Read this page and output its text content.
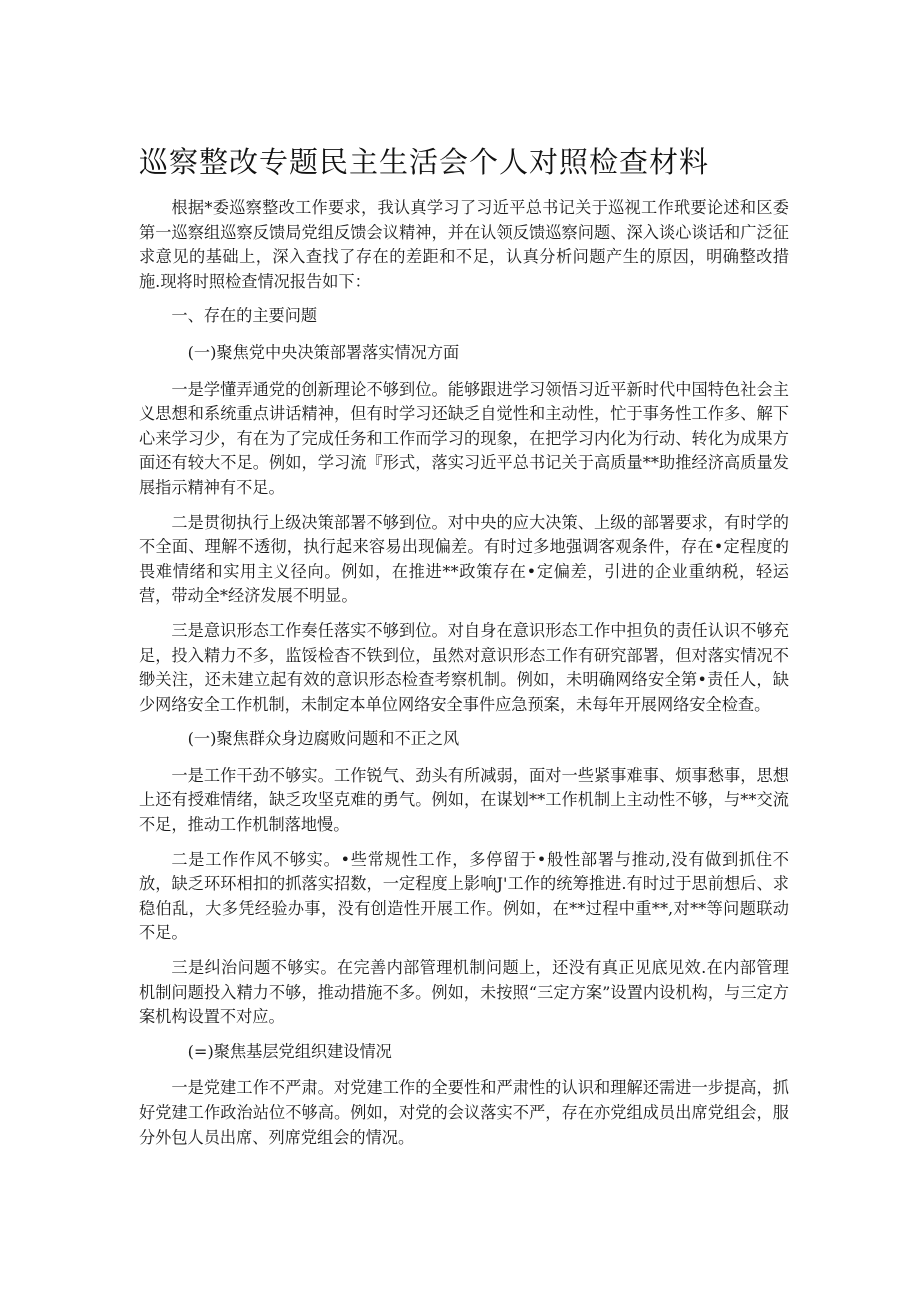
巡察整改专题民主生活会个人对照检查材料

根据*委巡察整改工作要求，我认真学习了习近平总书记关于巡视工作玳要论述和区委第一巡察组巡察反馈局党组反馈会议精神，并在认领反馈巡察问题、深入谈心谈话和广泛征求意见的基础上，深入查找了存在的差距和不足，认真分析问题产生的原因，明确整改措施.现将时照检查情况报告如下：

一、存在的主要问题

(一)聚焦党中央决策部署落实情况方面

一是学懂弄通党的创新理论不够到位。能够跟进学习领悟习近平新时代中国特色社会主义思想和系统重点讲话精神，但有时学习还缺乏自觉性和主动性，忙于事务性工作多、解下心来学习少，有在为了完成任务和工作而学习的现象，在把学习内化为行动、转化为成果方面还有较大不足。例如，学习流『形式，落实习近平总书记关于高质量**助推经济高质量发展指示精神有不足。

二是贯彻执行上级决策部署不够到位。对中央的应大决策、上级的部署要求，有时学的不全面、理解不透彻，执行起来容易出现偏差。有时过多地强调客观条件，存在•定程度的畏难情绪和实用主义径向。例如，在推进**政策存在•定偏差，引进的企业重纳税，轻运营，带动全*经济发展不明显。

三是意识形态工作奏任落实不够到位。对自身在意识形态工作中担负的责任认识不够充足，投入精力不多，监馁检杳不铁到位，虽然对意识形态工作有研究部署，但对落实情况不缈关注，还未建立起有效的意识形态检查考察机制。例如，未明确网络安全第•责任人，缺少网络安全工作机制，未制定本单位网络安全事件应急预案，未每年开展网络安全检查。

(一)聚焦群众身边腐败问题和不正之风

一是工作干劲不够实。工作锐气、劲头有所减弱，面对一些紧事难事、烦事愁事，思想上还有授难情绪，缺乏攻坚克难的勇气。例如，在谋划**工作机制上主动性不够，与**交流不足，推动工作机制落地慢。

二是工作作风不够实。•些常规性工作，多停留于•般性部署与推动,没有做到抓住不放，缺乏环环相扣的抓落实招数，一定程度上影响J'工作的统筹推进.有时过于思前想后、求稳伯乱，大多凭经验办事，没有创造性开展工作。例如，在**过程中重**,对**等问题联动不足。

三是纠治问题不够实。在完善内部管理机制问题上，还没有真正见底见效.在内部管理机制问题投入精力不够，推动措施不多。例如，未按照“三定方案”设置内设机构，与三定方案机构设置不对应。

(=)聚焦基层党组织建设情况

一是党建工作不严肃。对党建工作的全要性和严肃性的认识和理解还需进一步提高，抓好党建工作政治站位不够高。例如，对党的会议落实不严，存在亦党组成员出席党组会，服分外包人员出席、列席党组会的情况。
